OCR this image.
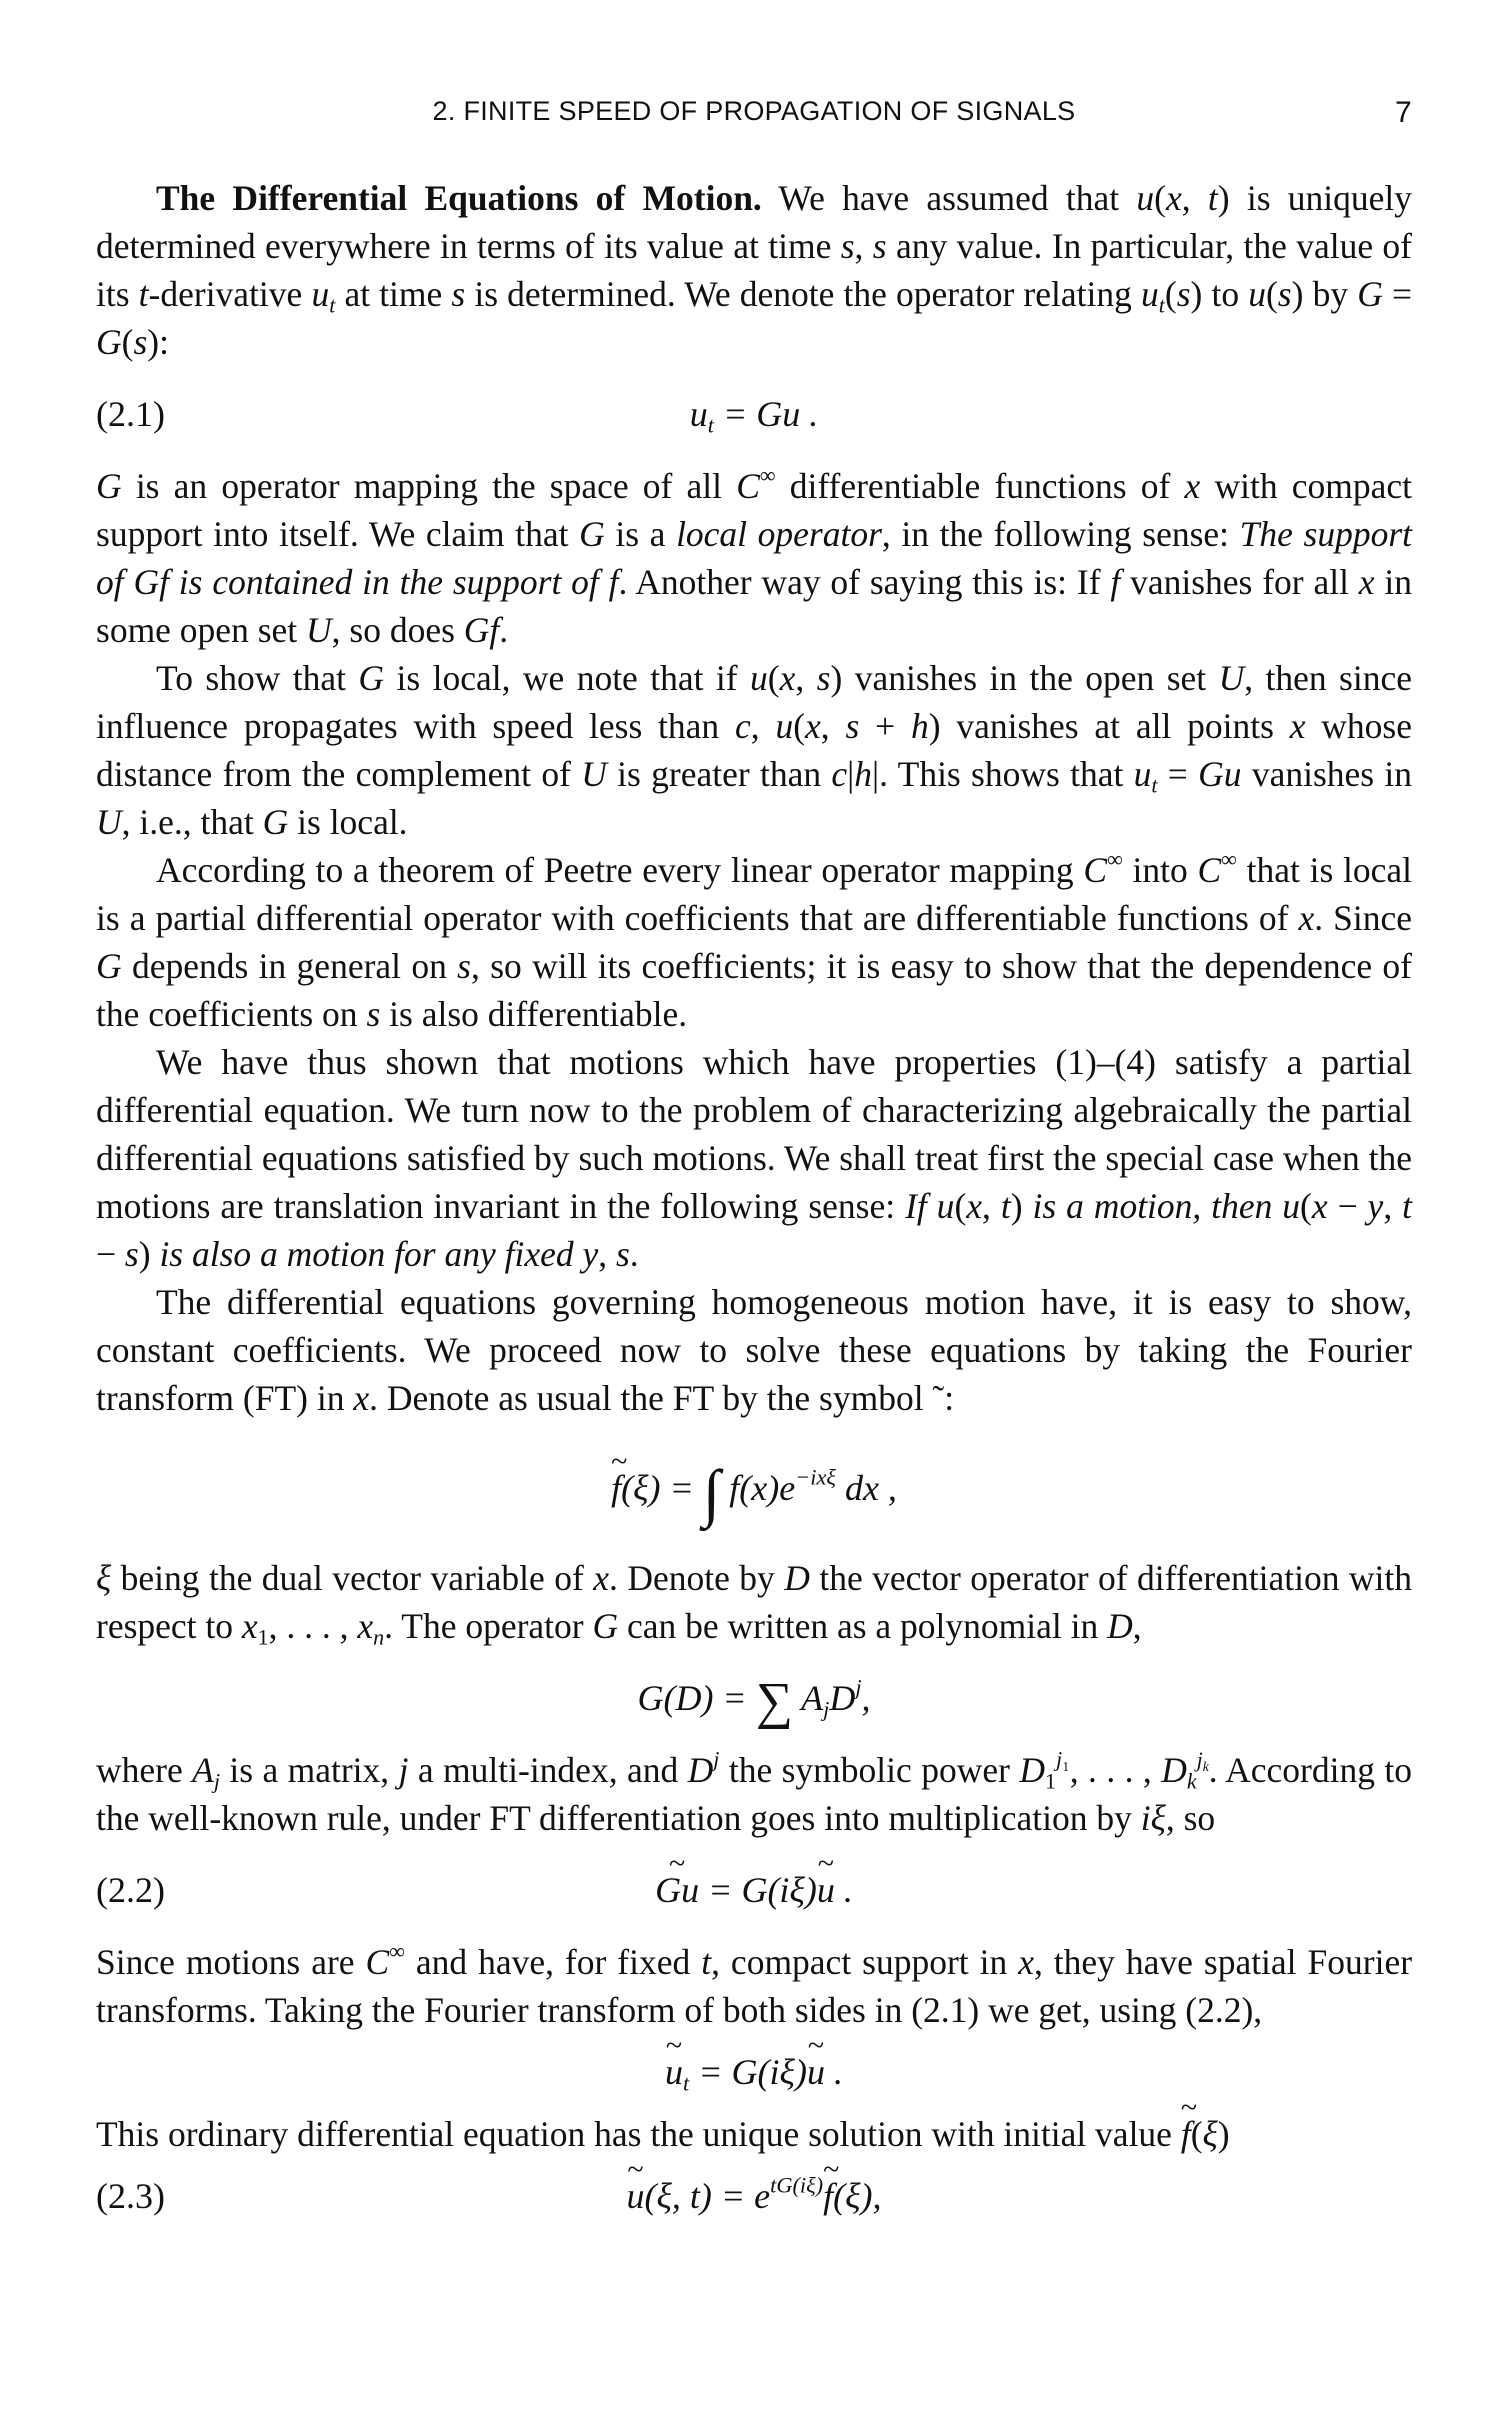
2. FINITE SPEED OF PROPAGATION OF SIGNALS	7

The Differential Equations of Motion. We have assumed that u(x, t) is uniquely determined everywhere in terms of its value at time s, s any value. In particular, the value of its t-derivative $u_t$ at time s is determined. We denote the operator relating $u_t(s)$ to u(s) by G = G(s):

(2.1)	$u_t = Gu$ .

G is an operator mapping the space of all C∞ differentiable functions of x with compact support into itself. We claim that G is a local operator, in the following sense: The support of Gf is contained in the support of f. Another way of saying this is: If f vanishes for all x in some open set U, so does Gf.

To show that G is local, we note that if u(x, s) vanishes in the open set U, then since influence propagates with speed less than c, u(x, s + h) vanishes at all points x whose distance from the complement of U is greater than c|h|. This shows that $u_t = Gu$ vanishes in U, i.e., that G is local.

According to a theorem of Peetre every linear operator mapping C∞ into C∞ that is local is a partial differential operator with coefficients that are differentiable functions of x. Since G depends in general on s, so will its coefficients; it is easy to show that the dependence of the coefficients on s is also differentiable.

We have thus shown that motions which have properties (1)–(4) satisfy a partial differential equation. We turn now to the problem of characterizing algebraically the partial differential equations satisfied by such motions. We shall treat first the special case when the motions are translation invariant in the following sense: If u(x, t) is a motion, then u(x − y, t − s) is also a motion for any fixed y, s.

The differential equations governing homogeneous motion have, it is easy to show, constant coefficients. We proceed now to solve these equations by taking the Fourier transform (FT) in x. Denote as usual the FT by the symbol ˜:

~ f(ξ) = ∫ $f(x)e^{-ix\xi}$ dx ,

ξ being the dual vector variable of x. Denote by D the vector operator of differentiation with respect to $x_1$, . . . , $x_n$. The operator G can be written as a polynomial in D,

G(D) = ∑ $A_jD^j$,

where $A_j$ is a matrix, j a multi-index, and $D^j$ the symbolic power $D_1^{j_1}$, . . . , $D_k^{j_k}$. According to the well-known rule, under FT differentiation goes into multiplication by iξ, so

(2.2)	~ Gu = G(iξ)~ u .

Since motions are C∞ and have, for fixed t, compact support in x, they have spatial Fourier transforms. Taking the Fourier transform of both sides in (2.1) we get, using (2.2),

~ $u_t$ = G(iξ)~ u .

This ordinary differential equation has the unique solution with initial value ~ f(ξ)

(2.3)	~ u(ξ, $t) = e^{tG(i\xi)}\sim$ f(ξ),
